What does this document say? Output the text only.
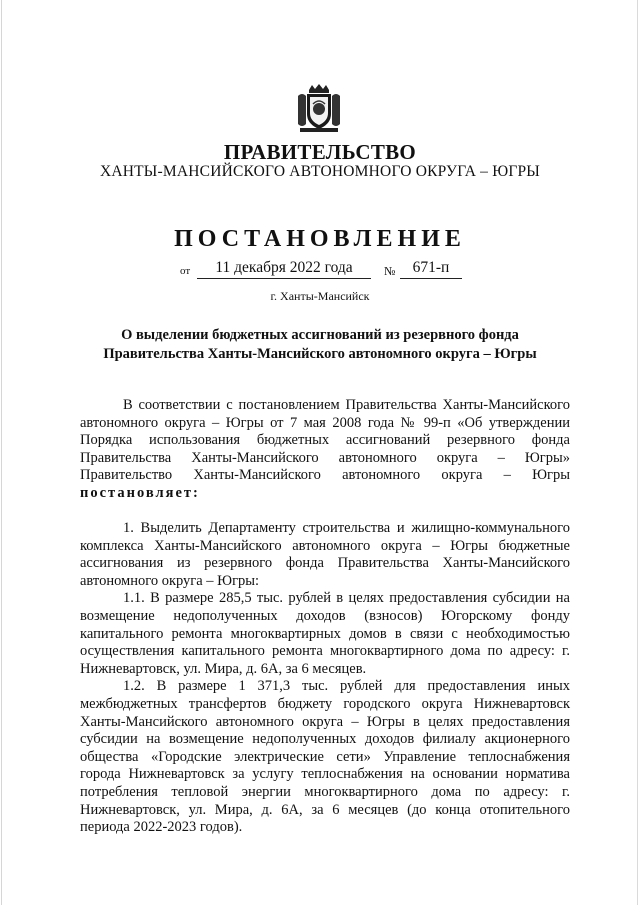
ПРАВИТЕЛЬСТВО
ХАНТЫ-МАНСИЙСКОГО АВТОНОМНОГО ОКРУГА – ЮГРЫ
ПОСТАНОВЛЕНИЕ
от	11 декабря 2022 года	№	671-п
г. Ханты-Мансийск
О выделении бюджетных ассигнований из резервного фонда Правительства Ханты-Мансийского автономного округа – Югры

В соответствии с постановлением Правительства Ханты-Мансийского автономного округа – Югры от 7 мая 2008 года № 99-п «Об утверждении Порядка использования бюджетных ассигнований резервного фонда Правительства Ханты-Мансийского автономного округа – Югры» Правительство Ханты-Мансийского автономного округа – Югры постановляет:

1. Выделить Департаменту строительства и жилищно-коммунального комплекса Ханты-Мансийского автономного округа – Югры бюджетные ассигнования из резервного фонда Правительства Ханты-Мансийского автономного округа – Югры:

1.1. В размере 285,5 тыс. рублей в целях предоставления субсидии на возмещение недополученных доходов (взносов) Югорскому фонду капитального ремонта многоквартирных домов в связи с необходимостью осуществления капитального ремонта многоквартирного дома по адресу: г. Нижневартовск, ул. Мира, д. 6А, за 6 месяцев.

1.2. В размере 1 371,3 тыс. рублей для предоставления иных межбюджетных трансфертов бюджету городского округа Нижневартовск Ханты-Мансийского автономного округа – Югры в целях предоставления субсидии на возмещение недополученных доходов филиалу акционерного общества «Городские электрические сети» Управление теплоснабжения города Нижневартовск за услугу теплоснабжения на основании норматива потребления тепловой энергии многоквартирного дома по адресу: г. Нижневартовск, ул. Мира, д. 6А, за 6 месяцев (до конца отопительного периода 2022-2023 годов).
